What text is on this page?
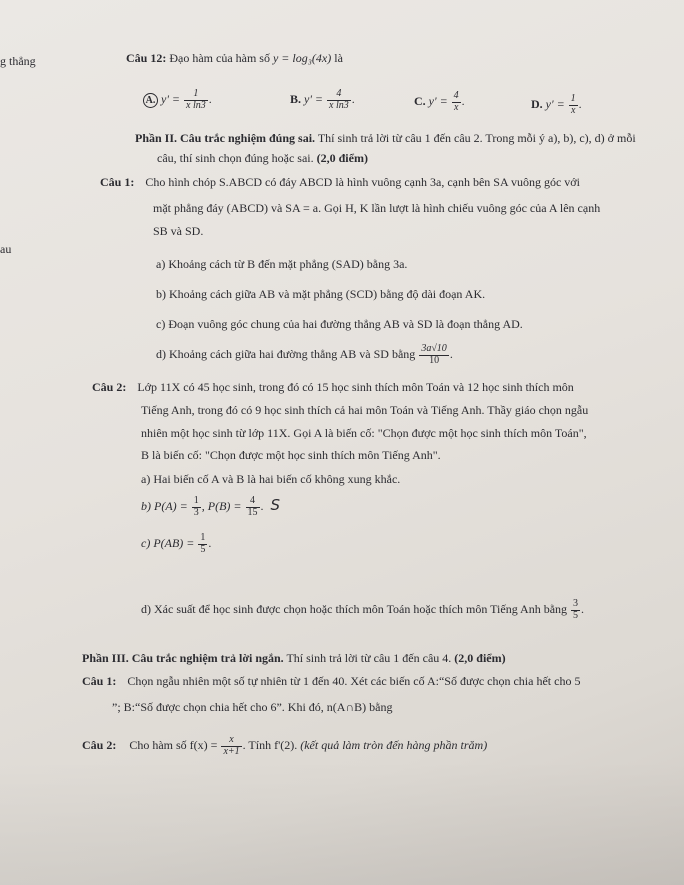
g thẳng
au
Câu 12: Đạo hàm của hàm số y = log₃(4x) là
A. $y' = \frac{1}{\text{x ln3}}$ .	B. $y' = \frac{4}{\text{x ln3}}$ .	C. $y' = \frac{4}{x}$ .	D. $y' = \frac{1}{x}$ .
Phần II. Câu trắc nghiệm đúng sai. Thí sinh trả lời từ câu 1 đến câu 2. Trong mỗi ý a), b), c), d) ở mỗi
câu, thí sinh chọn đúng hoặc sai. (2,0 điểm)
Câu 1: Cho hình chóp S.ABCD có đáy ABCD là hình vuông cạnh 3a, cạnh bên SA vuông góc với
mặt phẳng đáy (ABCD) và SA = a. Gọi H, K lần lượt là hình chiếu vuông góc của A lên cạnh
SB và SD.
a) Khoảng cách từ B đến mặt phẳng (SAD) bằng 3a.
b) Khoảng cách giữa AB và mặt phẳng (SCD) bằng độ dài đoạn AK.
c) Đoạn vuông góc chung của hai đường thẳng AB và SD là đoạn thẳng AD.
d) Khoảng cách giữa hai đường thẳng AB và SD bằng $\frac{3a√10}{10}$ .
Câu 2: Lớp 11X có 45 học sinh, trong đó có 15 học sinh thích môn Toán và 12 học sinh thích môn
Tiếng Anh, trong đó có 9 học sinh thích cả hai môn Toán và Tiếng Anh. Thầy giáo chọn ngẫu
nhiên một học sinh từ lớp 11X. Gọi A là biến cố: "Chọn được một học sinh thích môn Toán",
B là biến cố: "Chọn được một học sinh thích môn Tiếng Anh".
a) Hai biến cố A và B là hai biến cố không xung khắc.
b) $P(A) = \frac{1}{3}$ , $P(B) = \frac{4}{15}$ . S
c) $P(AB) = \frac{1}{5}$ .
d) Xác suất để học sinh được chọn hoặc thích môn Toán hoặc thích môn Tiếng Anh bằng $\frac{3}{5}$ .
Phần III. Câu trắc nghiệm trả lời ngắn. Thí sinh trả lời từ câu 1 đến câu 4. (2,0 điểm)
Câu 1: Chọn ngẫu nhiên một số tự nhiên từ 1 đến 40. Xét các biến cố A:“Số được chọn chia hết cho 5
”; B:“Số được chọn chia hết cho 6”. Khi đó, n(A∩B) bằng
Câu 2: Cho hàm số $f(x) = \frac{x}{x+1}$ . Tính f'(2). (kết quả làm tròn đến hàng phần trăm)
